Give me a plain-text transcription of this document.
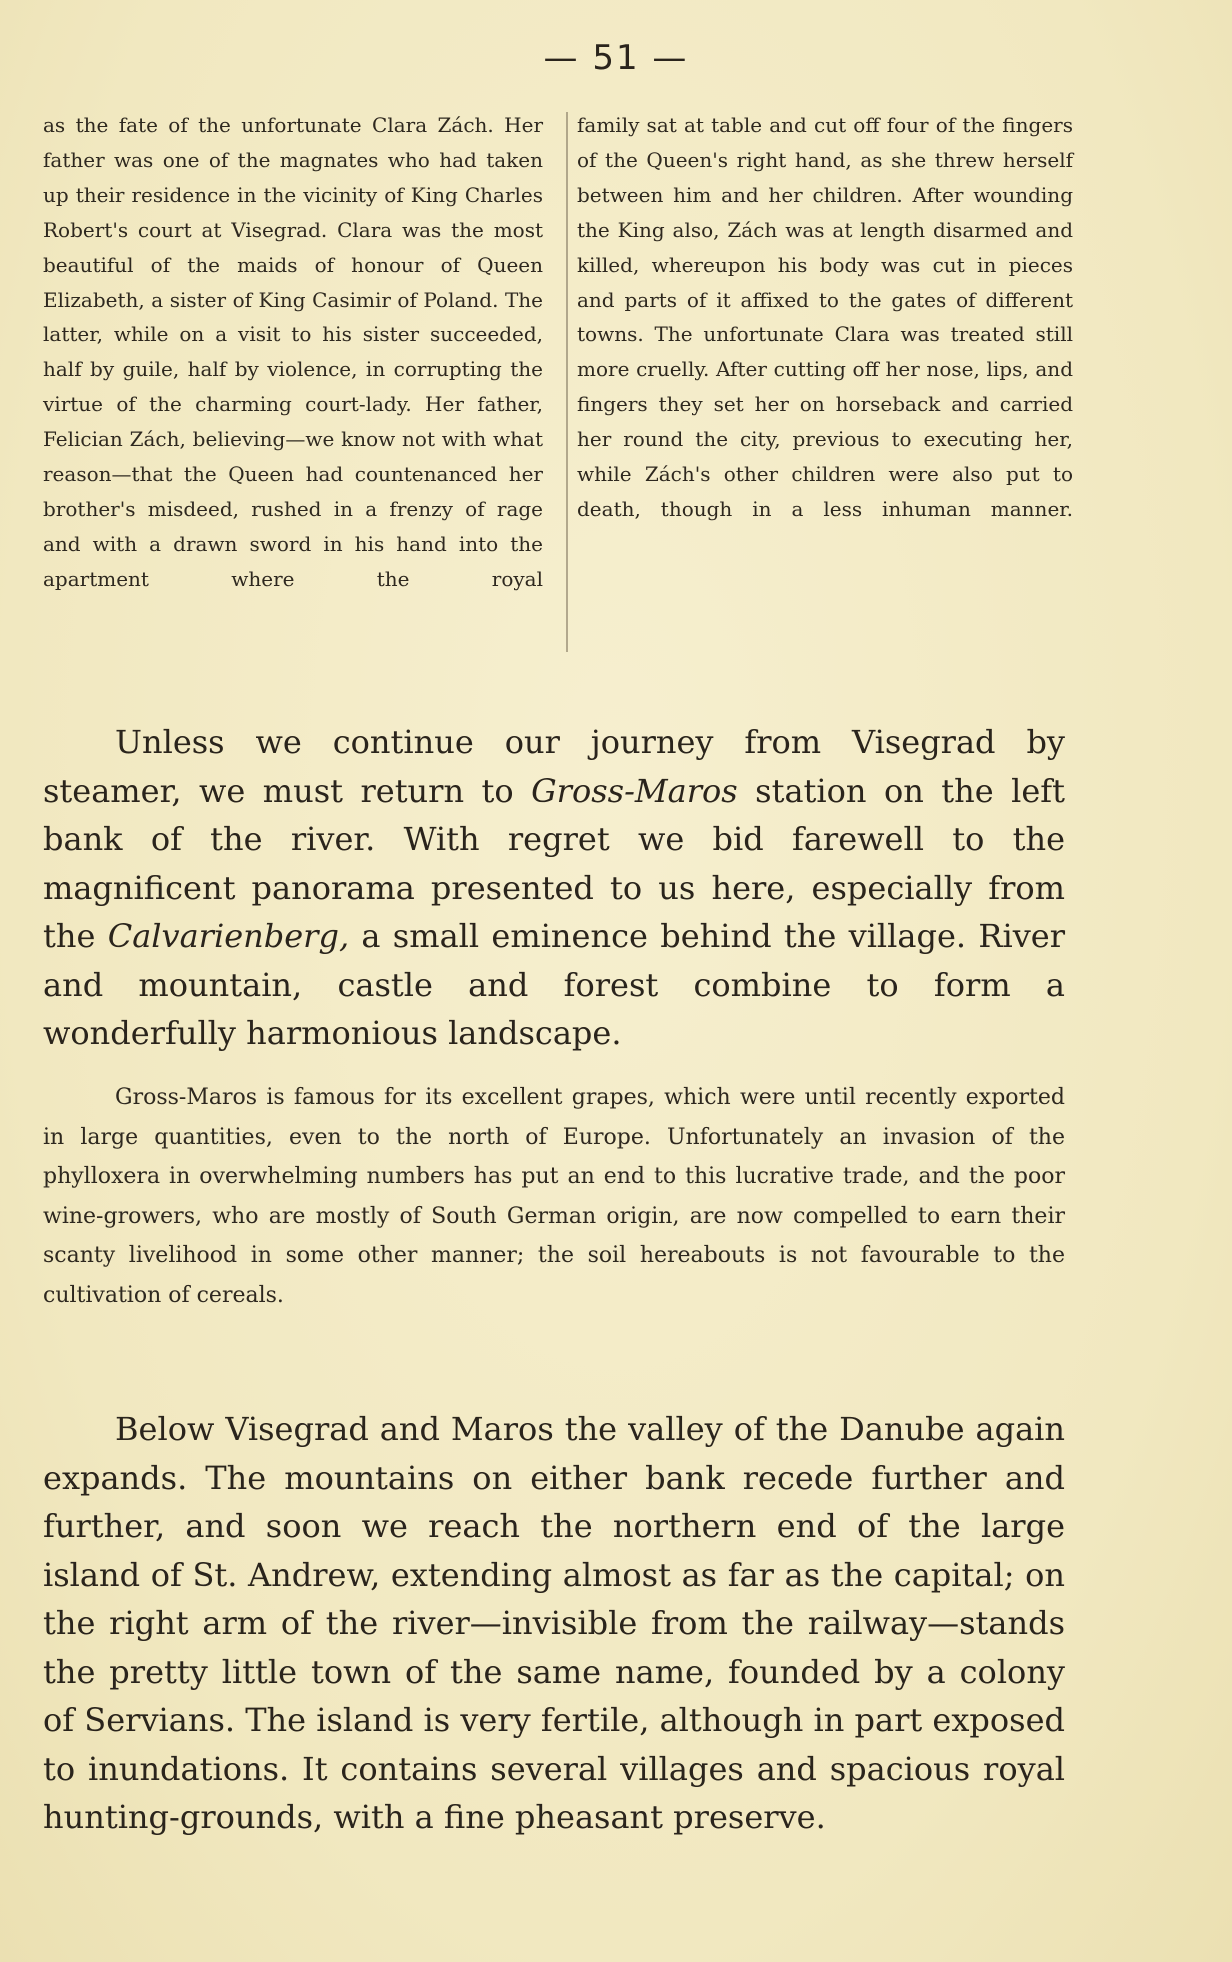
— 51 —

as the fate of the unfortunate Clara Zách. Her father was one of the magnates who had taken up their residence in the vicinity of King Charles Robert's court at Visegrad. Clara was the most beautiful of the maids of honour of Queen Elizabeth, a sister of King Casimir of Poland. The latter, while on a visit to his sister succeeded, half by guile, half by violence, in corrupting the virtue of the charming court-lady. Her father, Felician Zách, believing—we know not with what reason—that the Queen had countenanced her brother's misdeed, rushed in a frenzy of rage and with a drawn sword in his hand into the apartment where the royal

family sat at table and cut off four of the fingers of the Queen's right hand, as she threw herself between him and her children. After wounding the King also, Zách was at length disarmed and killed, whereupon his body was cut in pieces and parts of it affixed to the gates of different towns. The unfortunate Clara was treated still more cruelly. After cutting off her nose, lips, and fingers they set her on horseback and carried her round the city, previous to executing her, while Zách's other children were also put to death, though in a less inhuman manner.

Unless we continue our journey from Visegrad by steamer, we must return to Gross-Maros station on the left bank of the river. With regret we bid farewell to the magnificent panorama presented to us here, especially from the Calvarienberg, a small eminence behind the village. River and mountain, castle and forest combine to form a wonderfully harmonious landscape.

Gross-Maros is famous for its excellent grapes, which were until recently exported in large quantities, even to the north of Europe. Unfortunately an invasion of the phylloxera in overwhelming numbers has put an end to this lucrative trade, and the poor wine-growers, who are mostly of South German origin, are now compelled to earn their scanty livelihood in some other manner; the soil hereabouts is not favourable to the cultivation of cereals.

Below Visegrad and Maros the valley of the Danube again expands. The mountains on either bank recede further and further, and soon we reach the northern end of the large island of St. Andrew, extending almost as far as the capital; on the right arm of the river—invisible from the railway—stands the pretty little town of the same name, founded by a colony of Servians. The island is very fertile, although in part exposed to inundations. It contains several villages and spacious royal hunting-grounds, with a fine pheasant preserve.
